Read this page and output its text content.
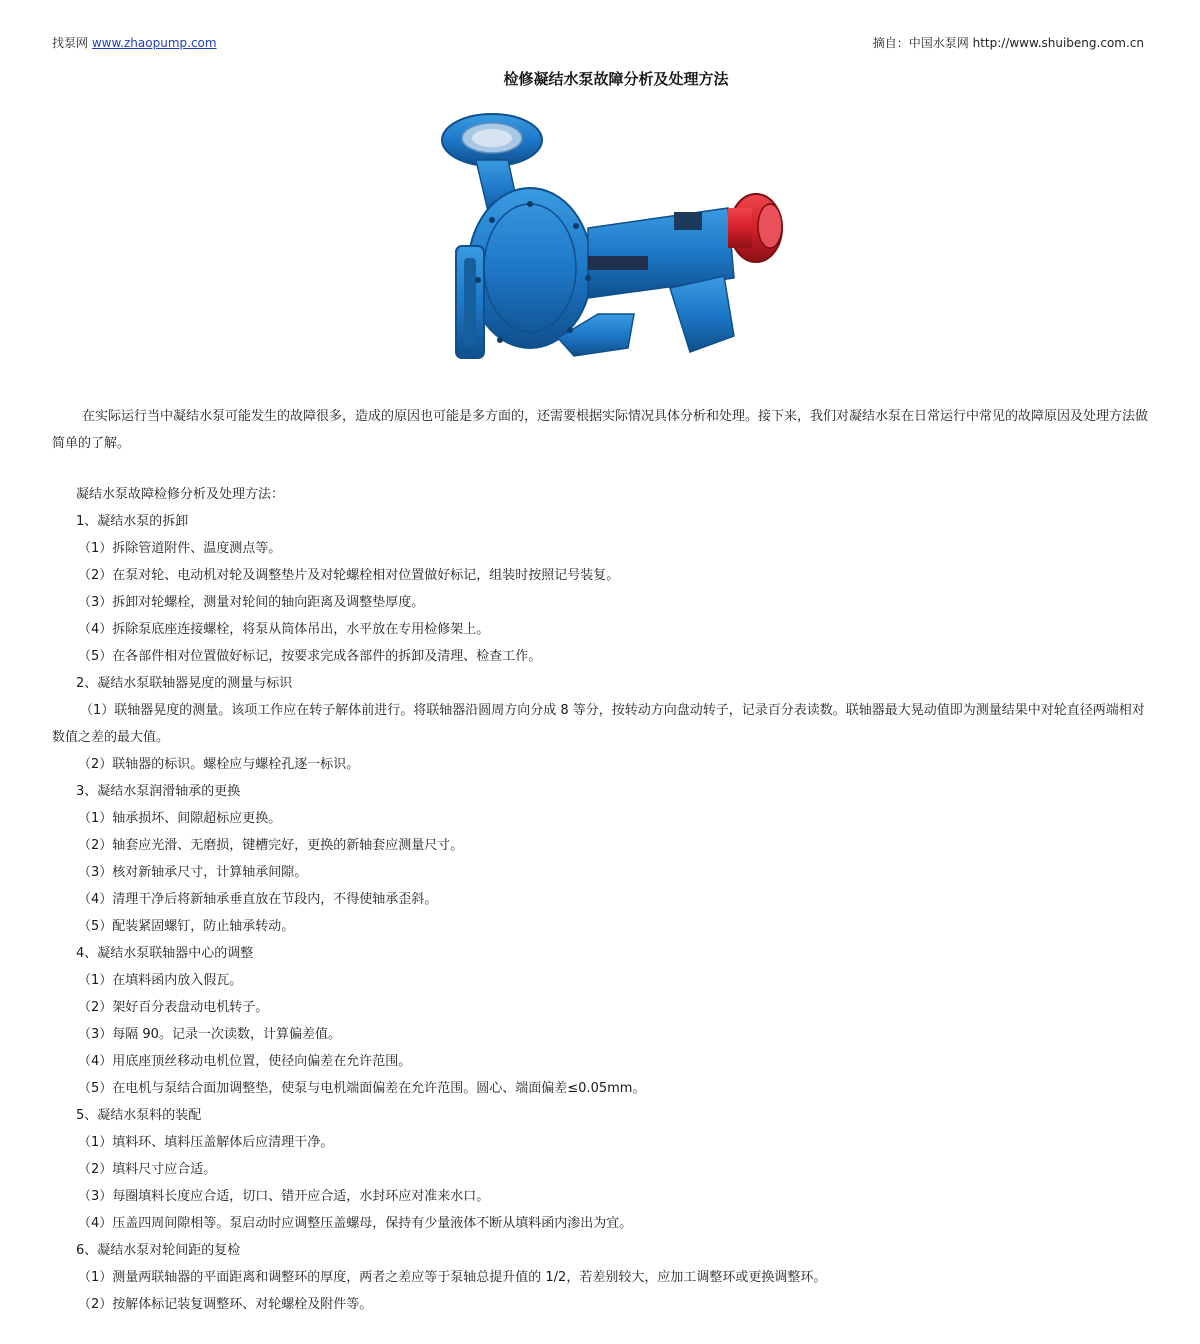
找泵网 www.zhaopump.com	摘自：中国水泵网 http://www.shuibeng.com.cn
检修凝结水泵故障分析及处理方法
在实际运行当中凝结水泵可能发生的故障很多，造成的原因也可能是多方面的，还需要根据实际情况具体分析和处理。接下来，我们对凝结水泵在日常运行中常见的故障原因及处理方法做简单的了解。
凝结水泵故障检修分析及处理方法：
1、凝结水泵的拆卸
（1）拆除管道附件、温度测点等。
（2）在泵对轮、电动机对轮及调整垫片及对轮螺栓相对位置做好标记，组装时按照记号装复。
（3）拆卸对轮螺栓，测量对轮间的轴向距离及调整垫厚度。
（4）拆除泵底座连接螺栓，将泵从筒体吊出，水平放在专用检修架上。
（5）在各部件相对位置做好标记，按要求完成各部件的拆卸及清理、检查工作。
2、凝结水泵联轴器晃度的测量与标识
（1）联轴器晃度的测量。该项工作应在转子解体前进行。将联轴器沿圆周方向分成 8 等分，按转动方向盘动转子，记录百分表读数。联轴器最大晃动值即为测量结果中对轮直径两端相对数值之差的最大值。
（2）联轴器的标识。螺栓应与螺栓孔逐一标识。
3、凝结水泵润滑轴承的更换
（1）轴承损坏、间隙超标应更换。
（2）轴套应光滑、无磨损，键槽完好，更换的新轴套应测量尺寸。
（3）核对新轴承尺寸，计算轴承间隙。
（4）清理干净后将新轴承垂直放在节段内，不得使轴承歪斜。
（5）配装紧固螺钉，防止轴承转动。
4、凝结水泵联轴器中心的调整
（1）在填料函内放入假瓦。
（2）架好百分表盘动电机转子。
（3）每隔 90。记录一次读数，计算偏差值。
（4）用底座顶丝移动电机位置，使径向偏差在允许范围。
（5）在电机与泵结合面加调整垫，使泵与电机端面偏差在允许范围。圆心、端面偏差≤0.05mm。
5、凝结水泵料的装配
（1）填料环、填料压盖解体后应清理干净。
（2）填料尺寸应合适。
（3）每圈填料长度应合适，切口、错开应合适，水封环应对准来水口。
（4）压盖四周间隙相等。泵启动时应调整压盖螺母，保持有少量液体不断从填料函内渗出为宜。
6、凝结水泵对轮间距的复检
（1）测量两联轴器的平面距离和调整环的厚度，两者之差应等于泵轴总提升值的 1/2，若差别较大，应加工调整环或更换调整环。
（2）按解体标记装复调整环、对轮螺栓及附件等。
